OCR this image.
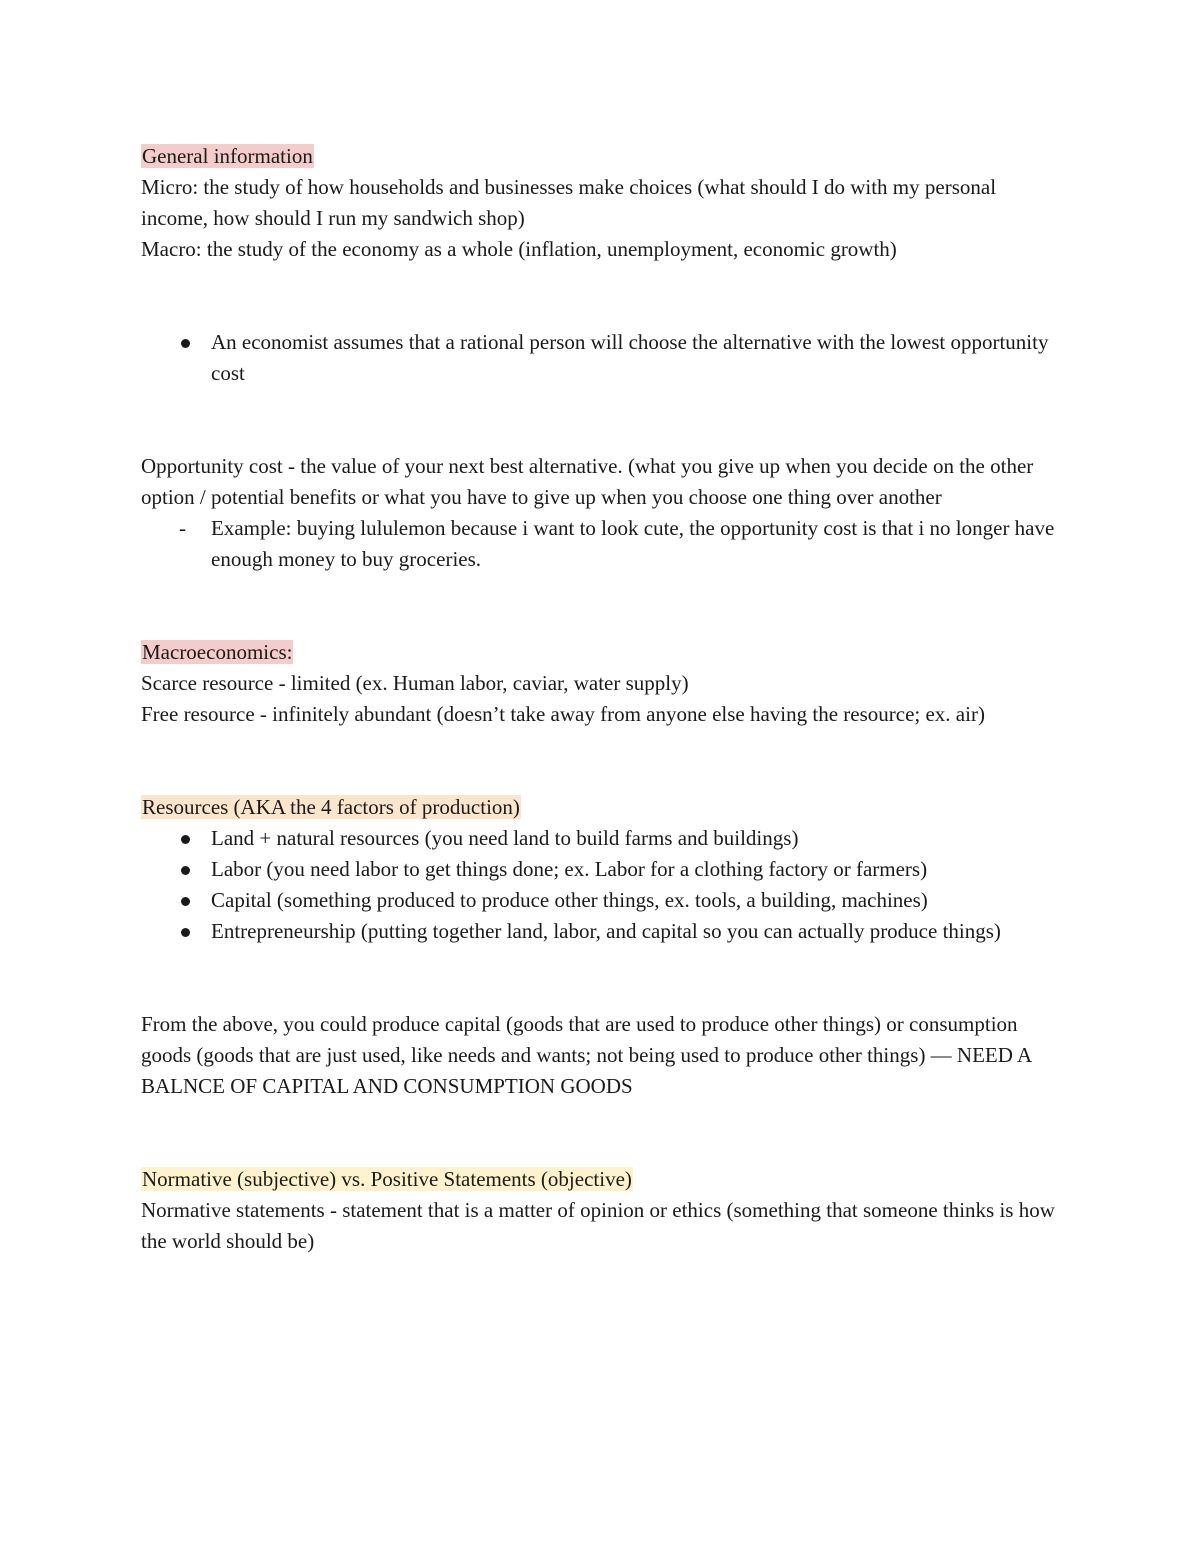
General information

Micro: the study of how households and businesses make choices (what should I do with my personal income, how should I run my sandwich shop)

Macro: the study of the economy as a whole (inflation, unemployment, economic growth)

An economist assumes that a rational person will choose the alternative with the lowest opportunity cost

Opportunity cost - the value of your next best alternative. (what you give up when you decide on the other option / potential benefits or what you have to give up when you choose one thing over another

- Example: buying lululemon because i want to look cute, the opportunity cost is that i no longer have enough money to buy groceries.

Macroeconomics:

Scarce resource - limited (ex. Human labor, caviar, water supply)

Free resource - infinitely abundant (doesn’t take away from anyone else having the resource; ex. air)

Resources (AKA the 4 factors of production)

Land + natural resources (you need land to build farms and buildings)
Labor (you need labor to get things done; ex. Labor for a clothing factory or farmers)
Capital (something produced to produce other things, ex. tools, a building, machines)
Entrepreneurship (putting together land, labor, and capital so you can actually produce things)

From the above, you could produce capital (goods that are used to produce other things) or consumption goods (goods that are just used, like needs and wants; not being used to produce other things) — NEED A BALNCE OF CAPITAL AND CONSUMPTION GOODS

Normative (subjective) vs. Positive Statements (objective)

Normative statements - statement that is a matter of opinion or ethics (something that someone thinks is how the world should be)
